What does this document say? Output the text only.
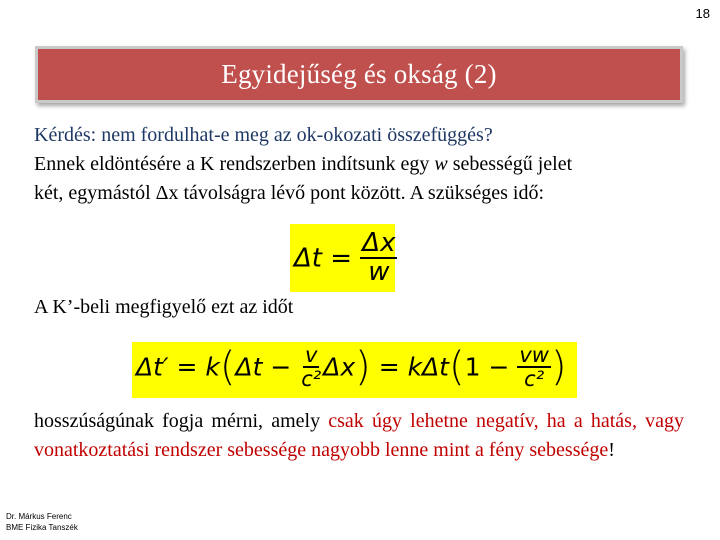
18
Egyidejűség és okság (2)
Kérdés: nem fordulhat-e meg az ok-okozati összefüggés?
Ennek eldöntésére a K rendszerben indítsunk egy w sebességű jelet
két, egymástól Δx távolságra lévő pont között. A szükséges idő:
$\Delta t = \frac{\Delta x}{w}$
A K’-beli megfigyelő ezt az időt
$\Delta t' = k(\Delta t - \frac{v}{\text{c²}} \Delta x) = k\Delta t(1 - \frac{vw}{\text{c²}}$ )
hosszúságúnak fogja mérni, amely csak úgy lehetne negatív, ha a hatás, vagy vonatkoztatási rendszer sebessége nagyobb lenne mint a fény sebessége!
Dr. Márkus Ferenc
BME Fizika Tanszék
